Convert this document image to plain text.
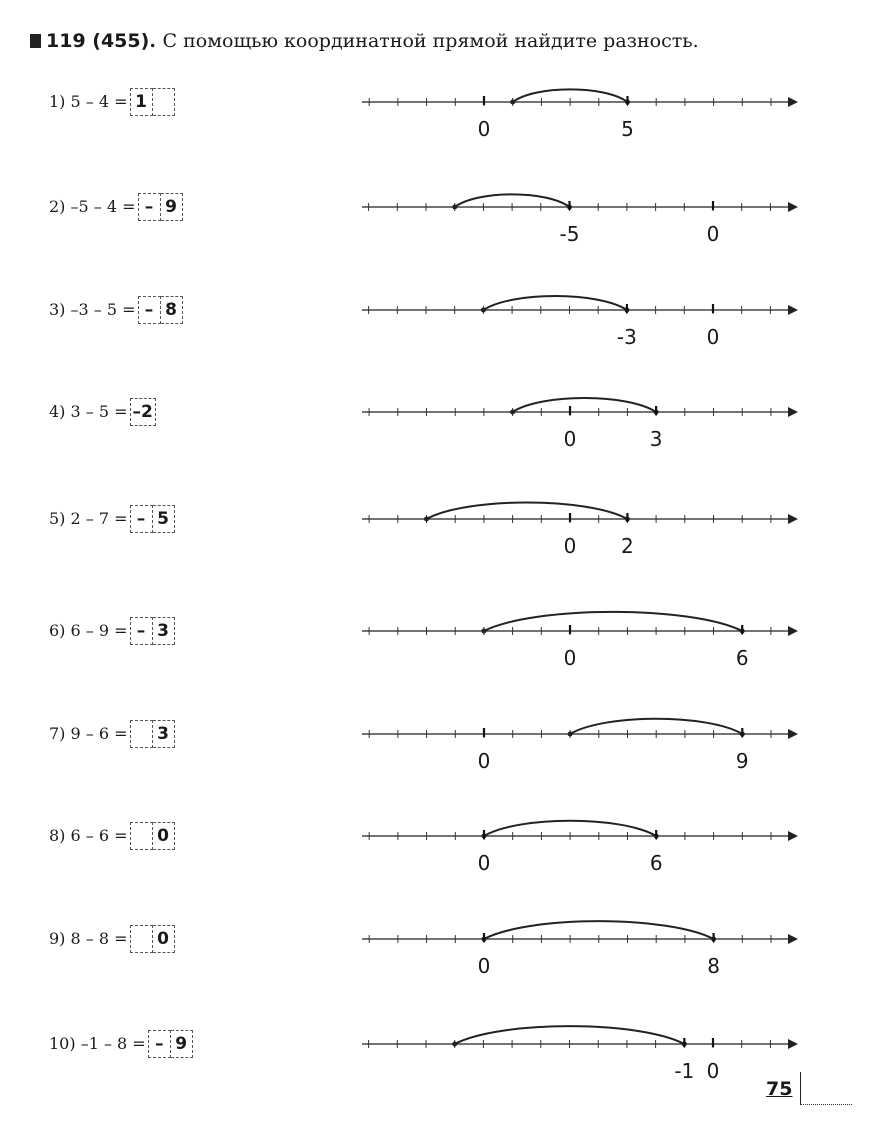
119 (455). С помощью координатной прямой найдите разность.
1) 5 – 4 = 1
0	5
2) –5 – 4 = – 9
-5	0
3) –3 – 5 = – 8
-3	0
4) 3 – 5 = –2
0	3
5) 2 – 7 = – 5
0 2
6) 6 – 9 = – 3
0	6
7) 9 – 6 = 3
0	9
8) 6 – 6 = 0
0	6
9) 8 – 8 = 0
0	8
10) –1 – 8 = – 9
-1 0
75
